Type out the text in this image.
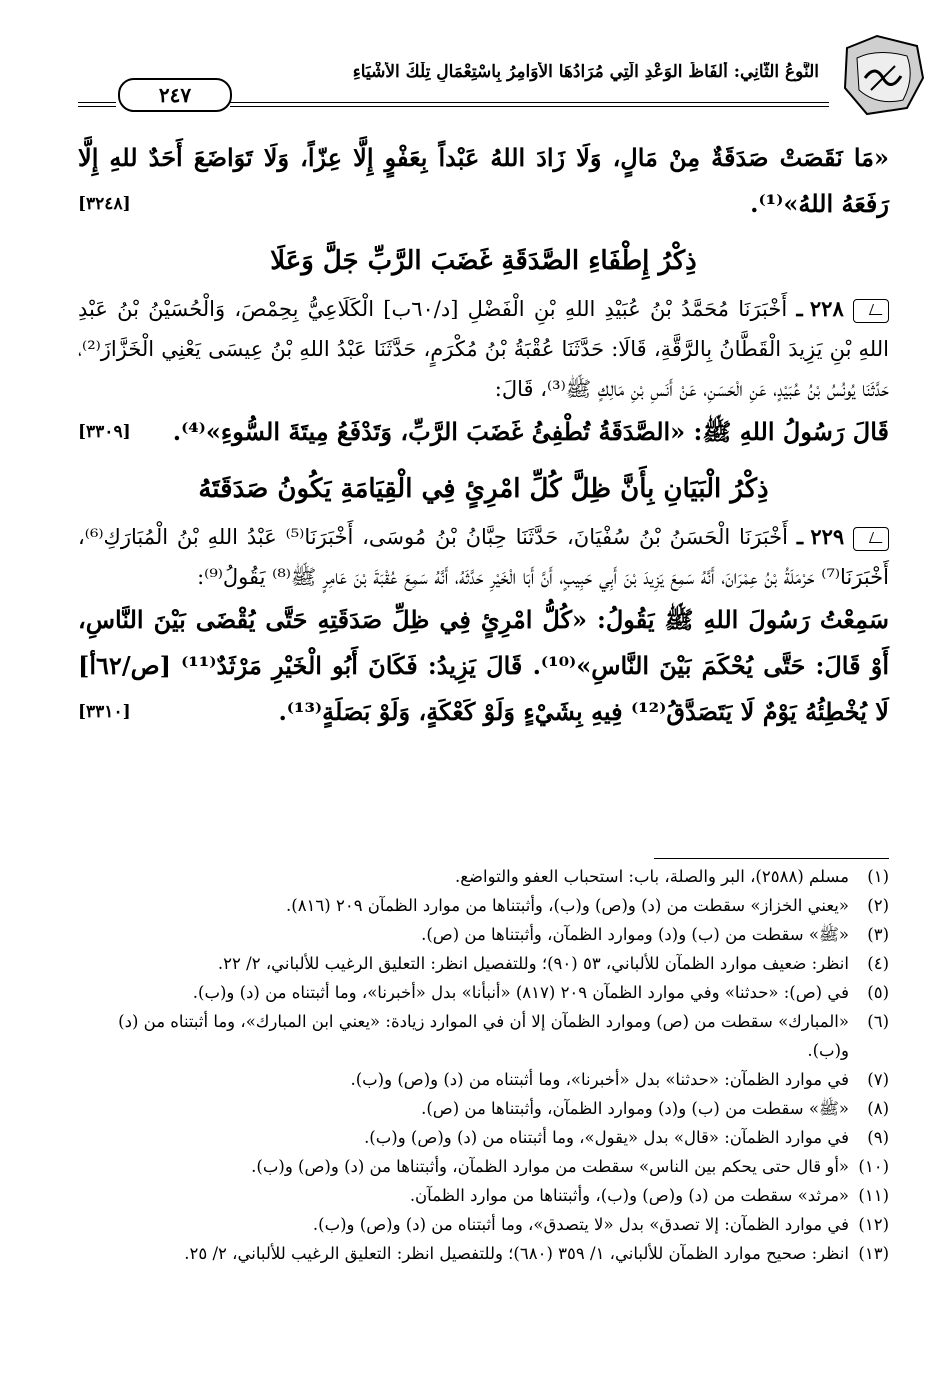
النَّوعُ الثَّانِي: أَلفَاظُ الوَعْدِ الَّتِي مُرَادُهَا الأَوَامِرُ بِاسْتِعْمَالِ تِلْكَ الأَشْيَاءِ
٢٤٧

«مَا نَقَصَتْ صَدَقَةٌ مِنْ مَالٍ، وَلَا زَادَ اللهُ عَبْداً بِعَفْوٍ إِلَّا عِزّاً، وَلَا تَوَاضَعَ أَحَدٌ للهِ إِلَّا رَفَعَهُ اللهُ»⁽¹⁾.
[٣٢٤٨]

ذِكْرُ إِطْفَاءِ الصَّدَقَةِ غَضَبَ الرَّبِّ جَلَّ وَعَلَا

٢٢٨ ـ أَخْبَرَنَا مُحَمَّدُ بْنُ عُبَيْدِ اللهِ بْنِ الْفَضْلِ [د/٦٠ب] الْكَلَاعِيُّ بِحِمْصَ، وَالْحُسَيْنُ بْنُ عَبْدِ اللهِ بْنِ يَزِيدَ الْقَطَّانُ بِالرَّقَّةِ، قَالَا: حَدَّثَنَا عُقْبَةُ بْنُ مُكْرَمٍ، حَدَّثَنَا عَبْدُ اللهِ بْنُ عِيسَى يَعْنِي الْخَزَّازَ⁽²⁾، حَدَّثَنَا يُونُسُ بْنُ عُبَيْدٍ، عَنِ الْحَسَنِ، عَنْ أَنَسِ بْنِ مَالِكٍ ﷺ⁽³⁾، قَالَ:

قَالَ رَسُولُ اللهِ ﷺ: «الصَّدَقَةُ تُطْفِئُ غَضَبَ الرَّبِّ، وَتَدْفَعُ مِيتَةَ السُّوءِ»⁽⁴⁾.
[٣٣٠٩]

ذِكْرُ الْبَيَانِ بِأَنَّ ظِلَّ كُلِّ امْرِئٍ فِي الْقِيَامَةِ يَكُونُ صَدَقَتَهُ

٢٢٩ ـ أَخْبَرَنَا الْحَسَنُ بْنُ سُفْيَانَ، حَدَّثَنَا حِبَّانُ بْنُ مُوسَى، أَخْبَرَنَا⁽⁵⁾ عَبْدُ اللهِ بْنُ الْمُبَارَكِ⁽⁶⁾، أَخْبَرَنَا⁽⁷⁾ حَرْمَلَةُ بْنُ عِمْرَانَ، أَنَّهُ سَمِعَ يَزِيدَ بْنَ أَبِي حَبِيبٍ، أَنَّ أَبَا الْخَيْرِ حَدَّثَهُ، أَنَّهُ سَمِعَ عُقْبَةَ بْنَ عَامِرٍ ﷺ⁽⁸⁾ يَقُولُ⁽⁹⁾:

سَمِعْتُ رَسُولَ اللهِ ﷺ يَقُولُ: «كُلُّ امْرِئٍ فِي ظِلِّ صَدَقَتِهِ حَتَّى يُقْضَى بَيْنَ النَّاسِ، أَوْ قَالَ: حَتَّى يُحْكَمَ بَيْنَ النَّاسِ»⁽¹⁰⁾. قَالَ يَزِيدُ: فَكَانَ أَبُو الْخَيْرِ مَرْثَدٌ⁽¹¹⁾ [ص/٦٢أ] لَا يُخْطِئُهُ يَوْمٌ لَا يَتَصَدَّقُ⁽¹²⁾ فِيهِ بِشَيْءٍ وَلَوْ كَعْكَةٍ، وَلَوْ بَصَلَةٍ⁽¹³⁾.
[٣٣١٠]

(١)
مسلم (٢٥٨٨)، البر والصلة، باب: استحباب العفو والتواضع.
(٢)
«يعني الخزاز» سقطت من (د) و(ص) و(ب)، وأثبتناها من موارد الظمآن ٢٠٩ (٨١٦).
(٣)
«ﷺ» سقطت من (ب) و(د) وموارد الظمآن، وأثبتناها من (ص).
(٤)
انظر: ضعيف موارد الظمآن للألباني، ٥٣ (٩٠)؛ وللتفصيل انظر: التعليق الرغيب للألباني، ٢/ ٢٢.
(٥)
في (ص): «حدثنا» وفي موارد الظمآن ٢٠٩ (٨١٧) «أنبأنا» بدل «أخبرنا»، وما أثبتناه من (د) و(ب).
(٦)
«المبارك» سقطت من (ص) وموارد الظمآن إلا أن في الموارد زيادة: «يعني ابن المبارك»، وما أثبتناه من (د) و(ب).
(٧)
في موارد الظمآن: «حدثنا» بدل «أخبرنا»، وما أثبتناه من (د) و(ص) و(ب).
(٨)
«ﷺ» سقطت من (ب) و(د) وموارد الظمآن، وأثبتناها من (ص).
(٩)
في موارد الظمآن: «قال» بدل «يقول»، وما أثبتناه من (د) و(ص) و(ب).
(١٠)
«أو قال حتى يحكم بين الناس» سقطت من موارد الظمآن، وأثبتناها من (د) و(ص) و(ب).
(١١)
«مرثد» سقطت من (د) و(ص) و(ب)، وأثبتناها من موارد الظمآن.
(١٢)
في موارد الظمآن: إلا تصدق» بدل «لا يتصدق»، وما أثبتناه من (د) و(ص) و(ب).
(١٣)
انظر: صحيح موارد الظمآن للألباني، ١/ ٣٥٩ (٦٨٠)؛ وللتفصيل انظر: التعليق الرغيب للألباني، ٢/ ٢٥.
